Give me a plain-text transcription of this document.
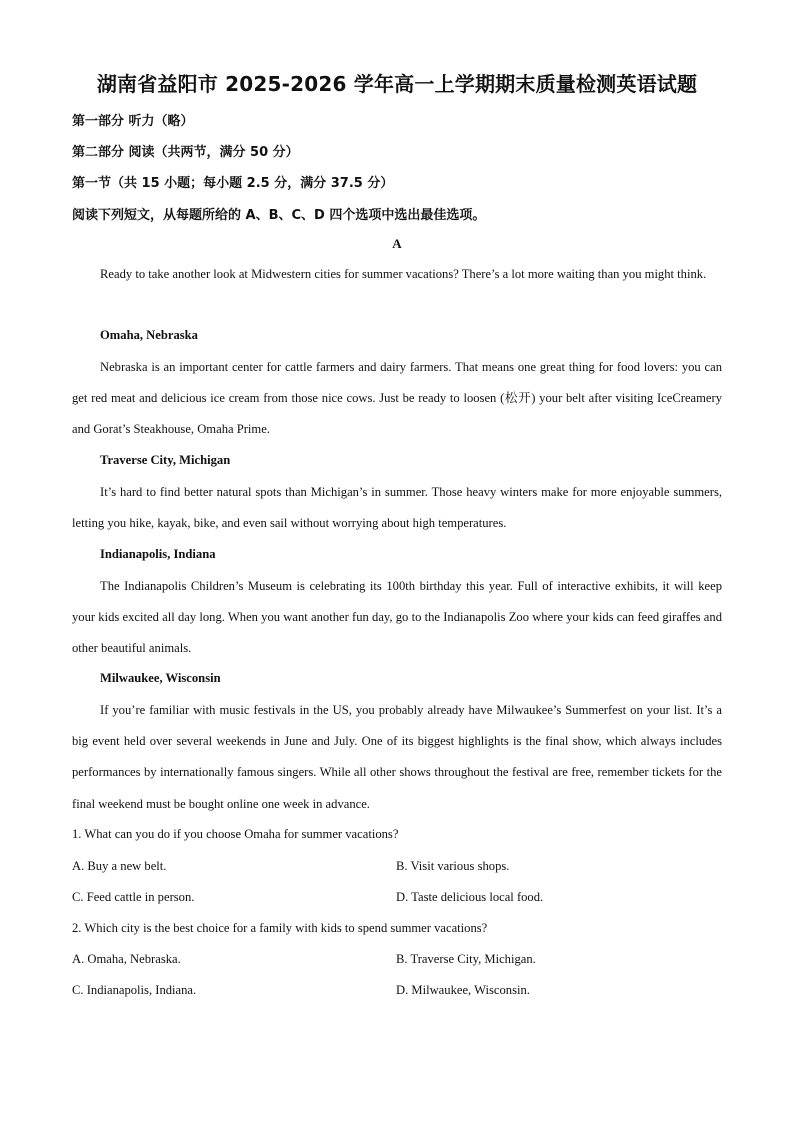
湖南省益阳市 2025-2026 学年高一上学期期末质量检测英语试题
第一部分 听力（略）
第二部分 阅读（共两节，满分 50 分）
第一节（共 15 小题；每小题 2.5 分，满分 37.5 分）
阅读下列短文，从每题所给的 A、B、C、D 四个选项中选出最佳选项。
A

Ready to take another look at Midwestern cities for summer vacations? There’s a lot more waiting than you might think.

Omaha, Nebraska

Nebraska is an important center for cattle farmers and dairy farmers. That means one great thing for food lovers: you can get red meat and delicious ice cream from those nice cows. Just be ready to loosen (松开) your belt after visiting IceCreamery and Gorat’s Steakhouse, Omaha Prime.

Traverse City, Michigan

It’s hard to find better natural spots than Michigan’s in summer. Those heavy winters make for more enjoyable summers, letting you hike, kayak, bike, and even sail without worrying about high temperatures.

Indianapolis, Indiana

The Indianapolis Children’s Museum is celebrating its 100th birthday this year. Full of interactive exhibits, it will keep your kids excited all day long. When you want another fun day, go to the Indianapolis Zoo where your kids can feed giraffes and other beautiful animals.

Milwaukee, Wisconsin

If you’re familiar with music festivals in the US, you probably already have Milwaukee’s Summerfest on your list. It’s a big event held over several weekends in June and July. One of its biggest highlights is the final show, which always includes performances by internationally famous singers. While all other shows throughout the festival are free, remember tickets for the final weekend must be bought online one week in advance.

1. What can you do if you choose Omaha for summer vacations?
A. Buy a new belt.	B. Visit various shops.
C. Feed cattle in person.	D. Taste delicious local food.
2. Which city is the best choice for a family with kids to spend summer vacations?
A. Omaha, Nebraska.	B. Traverse City, Michigan.
C. Indianapolis, Indiana.	D. Milwaukee, Wisconsin.
